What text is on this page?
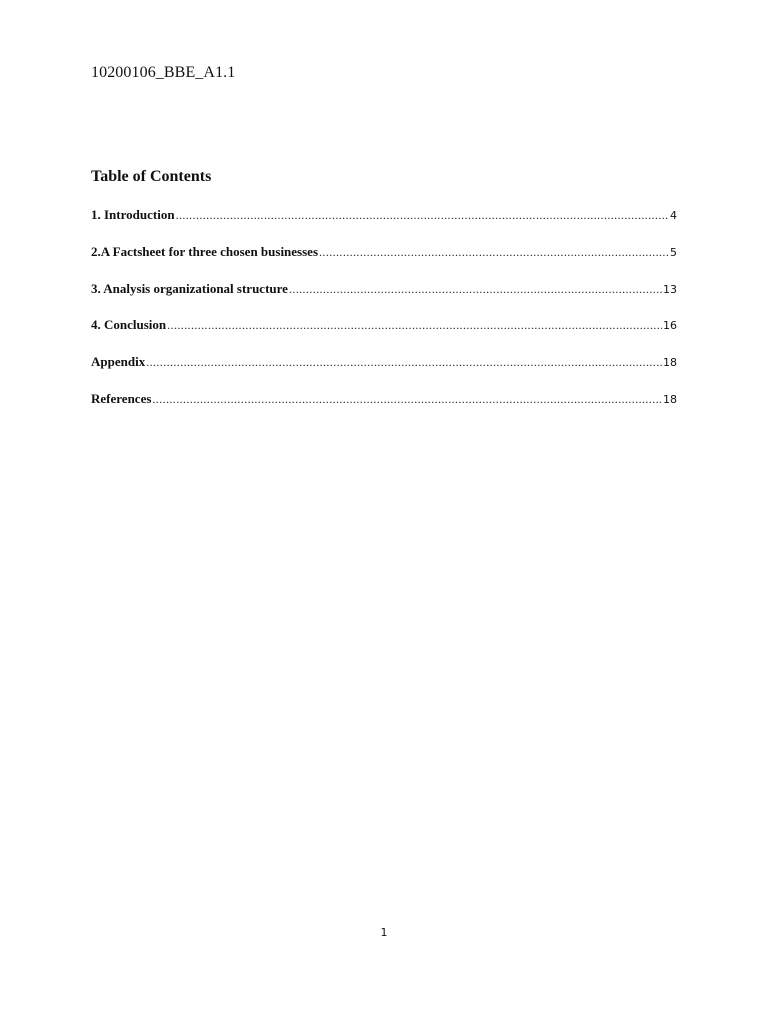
10200106_BBE_A1.1
Table of Contents
1. Introduction .....	4
2.A Factsheet for three chosen businesses .....	5
3. Analysis organizational structure .....	13
4. Conclusion .....	16
Appendix .....	18
References .....	18
1
